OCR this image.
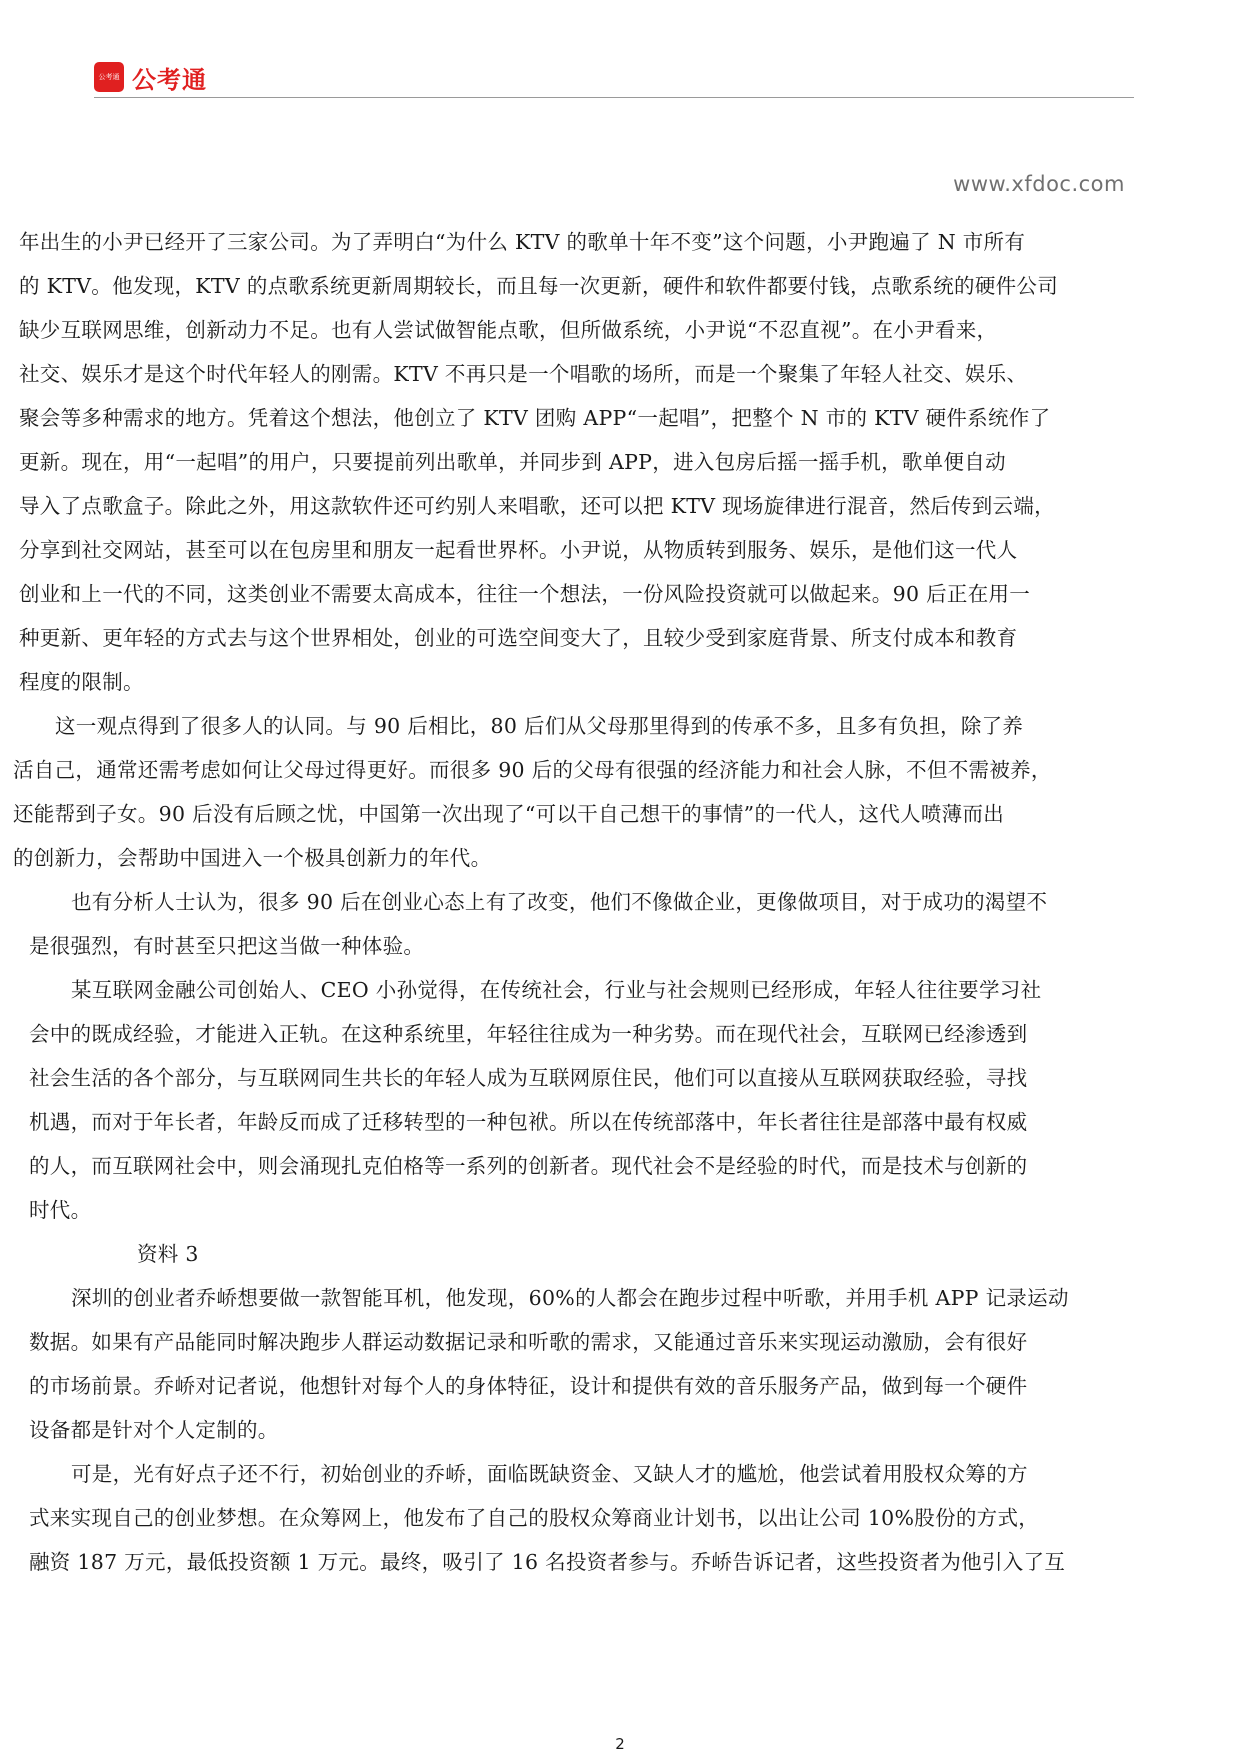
公考通 公考通
www.xfdoc.com
年出生的小尹已经开了三家公司。为了弄明白“为什么 KTV 的歌单十年不变”这个问题，小尹跑遍了 N 市所有
的 KTV。他发现，KTV 的点歌系统更新周期较长，而且每一次更新，硬件和软件都要付钱，点歌系统的硬件公司
缺少互联网思维，创新动力不足。也有人尝试做智能点歌，但所做系统，小尹说“不忍直视”。在小尹看来，
社交、娱乐才是这个时代年轻人的刚需。KTV 不再只是一个唱歌的场所，而是一个聚集了年轻人社交、娱乐、
聚会等多种需求的地方。凭着这个想法，他创立了 KTV 团购 APP“一起唱”，把整个 N 市的 KTV 硬件系统作了
更新。现在，用“一起唱”的用户，只要提前列出歌单，并同步到 APP，进入包房后摇一摇手机，歌单便自动
导入了点歌盒子。除此之外，用这款软件还可约别人来唱歌，还可以把 KTV 现场旋律进行混音，然后传到云端，
分享到社交网站，甚至可以在包房里和朋友一起看世界杯。小尹说，从物质转到服务、娱乐，是他们这一代人
创业和上一代的不同，这类创业不需要太高成本，往往一个想法，一份风险投资就可以做起来。90 后正在用一
种更新、更年轻的方式去与这个世界相处，创业的可选空间变大了，且较少受到家庭背景、所支付成本和教育
程度的限制。
这一观点得到了很多人的认同。与 90 后相比，80 后们从父母那里得到的传承不多，且多有负担，除了养
活自己，通常还需考虑如何让父母过得更好。而很多 90 后的父母有很强的经济能力和社会人脉，不但不需被养，
还能帮到子女。90 后没有后顾之忧，中国第一次出现了“可以干自己想干的事情”的一代人，这代人喷薄而出
的创新力，会帮助中国进入一个极具创新力的年代。
也有分析人士认为，很多 90 后在创业心态上有了改变，他们不像做企业，更像做项目，对于成功的渴望不
是很强烈，有时甚至只把这当做一种体验。
某互联网金融公司创始人、CEO 小孙觉得，在传统社会，行业与社会规则已经形成，年轻人往往要学习社
会中的既成经验，才能进入正轨。在这种系统里，年轻往往成为一种劣势。而在现代社会，互联网已经渗透到
社会生活的各个部分，与互联网同生共长的年轻人成为互联网原住民，他们可以直接从互联网获取经验，寻找
机遇，而对于年长者，年龄反而成了迁移转型的一种包袱。所以在传统部落中，年长者往往是部落中最有权威
的人，而互联网社会中，则会涌现扎克伯格等一系列的创新者。现代社会不是经验的时代，而是技术与创新的
时代。
资料 3
深圳的创业者乔峤想要做一款智能耳机，他发现，60%的人都会在跑步过程中听歌，并用手机 APP 记录运动
数据。如果有产品能同时解决跑步人群运动数据记录和听歌的需求，又能通过音乐来实现运动激励，会有很好
的市场前景。乔峤对记者说，他想针对每个人的身体特征，设计和提供有效的音乐服务产品，做到每一个硬件
设备都是针对个人定制的。
可是，光有好点子还不行，初始创业的乔峤，面临既缺资金、又缺人才的尴尬，他尝试着用股权众筹的方
式来实现自己的创业梦想。在众筹网上，他发布了自己的股权众筹商业计划书，以出让公司 10%股份的方式，
融资 187 万元，最低投资额 1 万元。最终，吸引了 16 名投资者参与。乔峤告诉记者，这些投资者为他引入了互
2
